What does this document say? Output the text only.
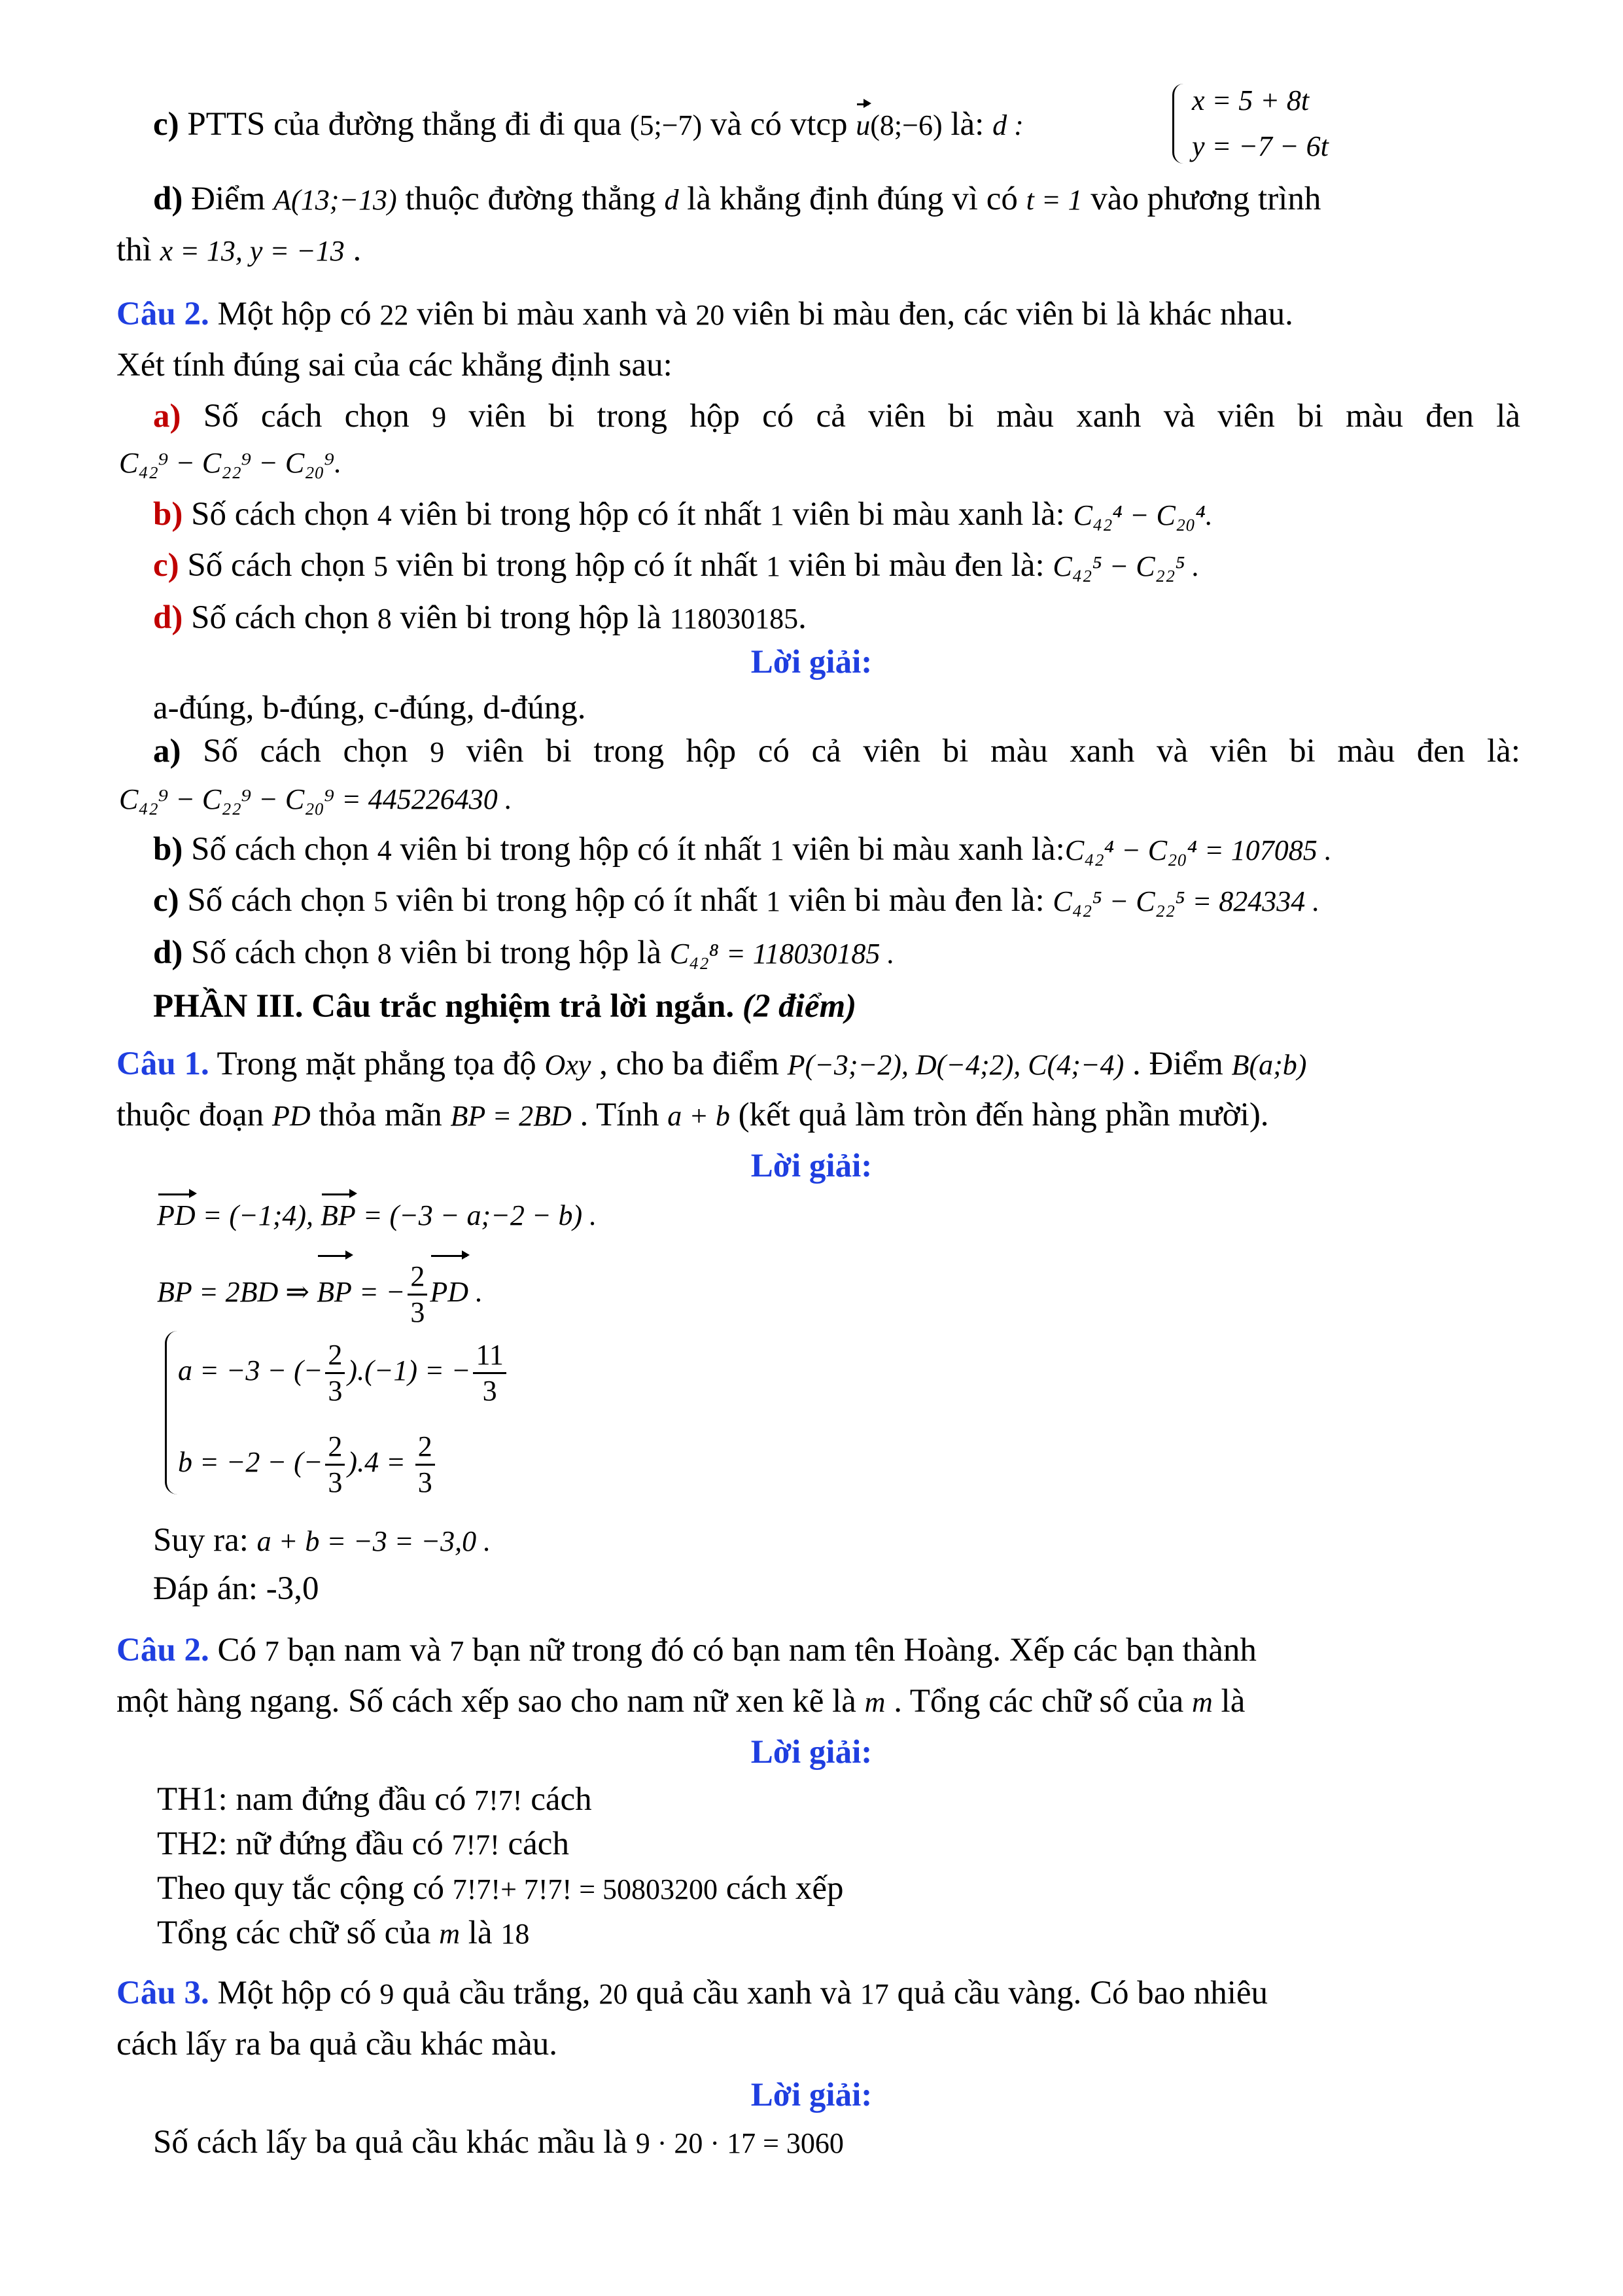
c) PTTS của đường thẳng đi đi qua (5;−7) và có vtcp u(8;−6) là: d :
x = 5 + 8t
y = −7 − 6t
d) Điểm A(13;−13) thuộc đường thẳng d là khẳng định đúng vì có t = 1 vào phương trình
thì x = 13, y = −13 .
Câu 2. Một hộp có 22 viên bi màu xanh và 20 viên bi màu đen, các viên bi là khác nhau.
Xét tính đúng sai của các khẳng định sau:
a) Số cách chọn 9 viên bi trong hộp có cả viên bi màu xanh và viên bi màu đen là
C₄₂⁹ − C₂₂⁹ − C₂₀⁹.
b) Số cách chọn 4 viên bi trong hộp có ít nhất 1 viên bi màu xanh là: C₄₂⁴ − C₂₀⁴.
c) Số cách chọn 5 viên bi trong hộp có ít nhất 1 viên bi màu đen là: C₄₂⁵ − C₂₂⁵ .
d) Số cách chọn 8 viên bi trong hộp là 118030185.
Lời giải:
a-đúng, b-đúng, c-đúng, d-đúng.
a) Số cách chọn 9 viên bi trong hộp có cả viên bi màu xanh và viên bi màu đen là:
C₄₂⁹ − C₂₂⁹ − C₂₀⁹ = 445226430 .
b) Số cách chọn 4 viên bi trong hộp có ít nhất 1 viên bi màu xanh là:C₄₂⁴ − C₂₀⁴ = 107085 .
c) Số cách chọn 5 viên bi trong hộp có ít nhất 1 viên bi màu đen là: C₄₂⁵ − C₂₂⁵ = 824334 .
d) Số cách chọn 8 viên bi trong hộp là C₄₂⁸ = 118030185 .
PHẦN III. Câu trắc nghiệm trả lời ngắn. (2 điểm)
Câu 1. Trong mặt phẳng tọa độ Oxy , cho ba điểm P(−3;−2), D(−4;2), C(4;−4) . Điểm B(a;b)
thuộc đoạn PD thỏa mãn BP = 2BD . Tính a + b (kết quả làm tròn đến hàng phần mười).
Lời giải:
PD = (−1;4), BP = (−3 − a;−2 − b) .
BP = 2BD ⇒ BP = − $\frac{2}{3}$ PD .
a = −3 − (− $\frac{2}{3} ).(-1)$ = − $\frac{11}{3}$
b = −2 − (− $\frac{2}{3} ).4 = \frac{2}{3}$
Suy ra: a + b = −3 = −3,0 .
Đáp án: -3,0
Câu 2. Có 7 bạn nam và 7 bạn nữ trong đó có bạn nam tên Hoàng. Xếp các bạn thành
một hàng ngang. Số cách xếp sao cho nam nữ xen kẽ là m . Tổng các chữ số của m là
Lời giải:
TH1: nam đứng đầu có 7!7! cách
TH2: nữ đứng đầu có 7!7! cách
Theo quy tắc cộng có 7!7!+ 7!7! = 50803200 cách xếp
Tổng các chữ số của m là 18
Câu 3. Một hộp có 9 quả cầu trắng, 20 quả cầu xanh và 17 quả cầu vàng. Có bao nhiêu
cách lấy ra ba quả cầu khác màu.
Lời giải:
Số cách lấy ba quả cầu khác mầu là 9 · 20 · 17 = 3060
